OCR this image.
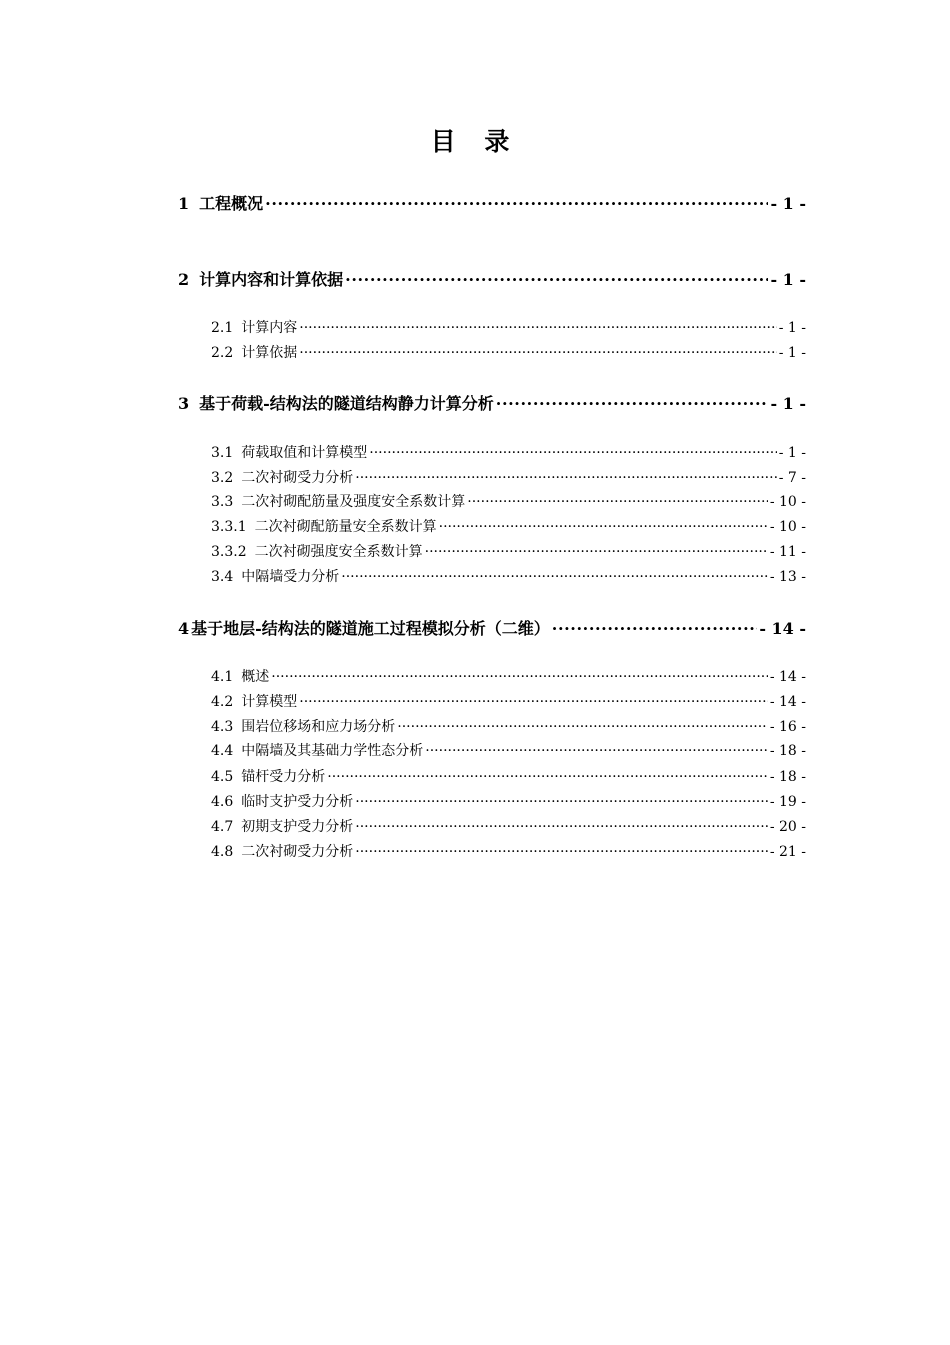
目 录
1 工程概况 .....	- 1 -
2 计算内容和计算依据 .....	- 1 -
2.1 计算内容 .....	- 1 -
2.2 计算依据 .....	- 1 -
3 基于荷载-结构法的隧道结构静力计算分析 .....	- 1 -
3.1 荷载取值和计算模型 .....	- 1 -
3.2 二次衬砌受力分析 .....	- 7 -
3.3 二次衬砌配筋量及强度安全系数计算 .....	- 10 -
3.3.1 二次衬砌配筋量安全系数计算 .....	- 10 -
3.3.2 二次衬砌强度安全系数计算 .....	- 11 -
3.4 中隔墙受力分析 .....	- 13 -
4 基于地层-结构法的隧道施工过程模拟分析（二维） .....	- 14 -
4.1 概述 .....	- 14 -
4.2 计算模型 .....	- 14 -
4.3 围岩位移场和应力场分析 .....	- 16 -
4.4 中隔墙及其基础力学性态分析 .....	- 18 -
4.5 锚杆受力分析 .....	- 18 -
4.6 临时支护受力分析 .....	- 19 -
4.7 初期支护受力分析 .....	- 20 -
4.8 二次衬砌受力分析 .....	- 21 -
